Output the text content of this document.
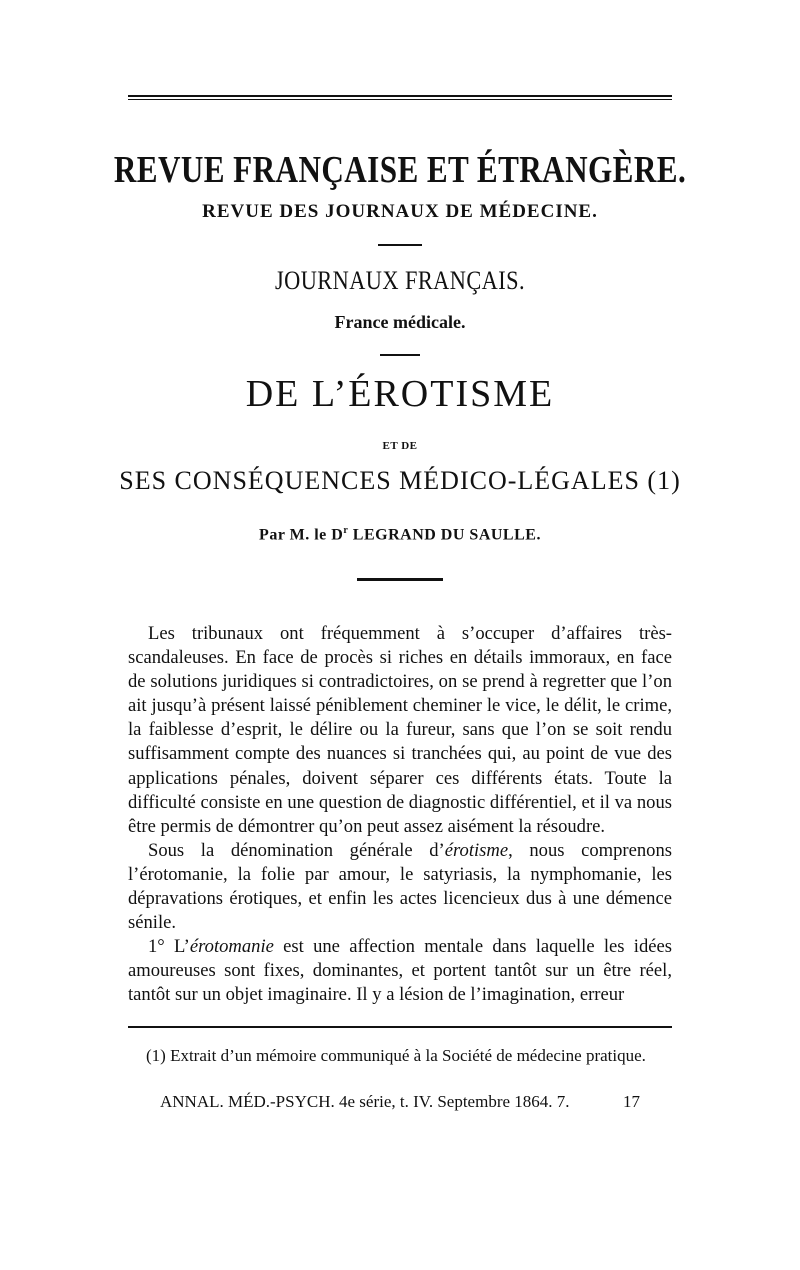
REVUE FRANÇAISE ET ÉTRANGÈRE.
REVUE DES JOURNAUX DE MÉDECINE.
JOURNAUX FRANÇAIS.
France médicale.
DE L’ÉROTISME
ET DE
SES CONSÉQUENCES MÉDICO-LÉGALES (1)
Par M. le $D^r$ LEGRAND DU SAULLE.

Les tribunaux ont fréquemment à s’occuper d’affaires très-scandaleuses. En face de procès si riches en détails immoraux, en face de solutions juridiques si contradictoires, on se prend à regretter que l’on ait jusqu’à présent laissé péniblement cheminer le vice, le délit, le crime, la faiblesse d’esprit, le délire ou la fureur, sans que l’on se soit rendu suffisamment compte des nuances si tranchées qui, au point de vue des applications pénales, doivent séparer ces différents états. Toute la difficulté consiste en une question de diagnostic différentiel, et il va nous être permis de démontrer qu’on peut assez aisément la résoudre.

Sous la dénomination générale d’érotisme, nous comprenons l’érotomanie, la folie par amour, le satyriasis, la nymphomanie, les dépravations érotiques, et enfin les actes licencieux dus à une démence sénile.

1° L’érotomanie est une affection mentale dans laquelle les idées amoureuses sont fixes, dominantes, et portent tantôt sur un être réel, tantôt sur un objet imaginaire. Il y a lésion de l’imagination, erreur

(1) Extrait d’un mémoire communiqué à la Société de médecine pratique.

ANNAL. MÉD.-PSYCH. 4e série, t. IV. Septembre 1864. 7.	17
